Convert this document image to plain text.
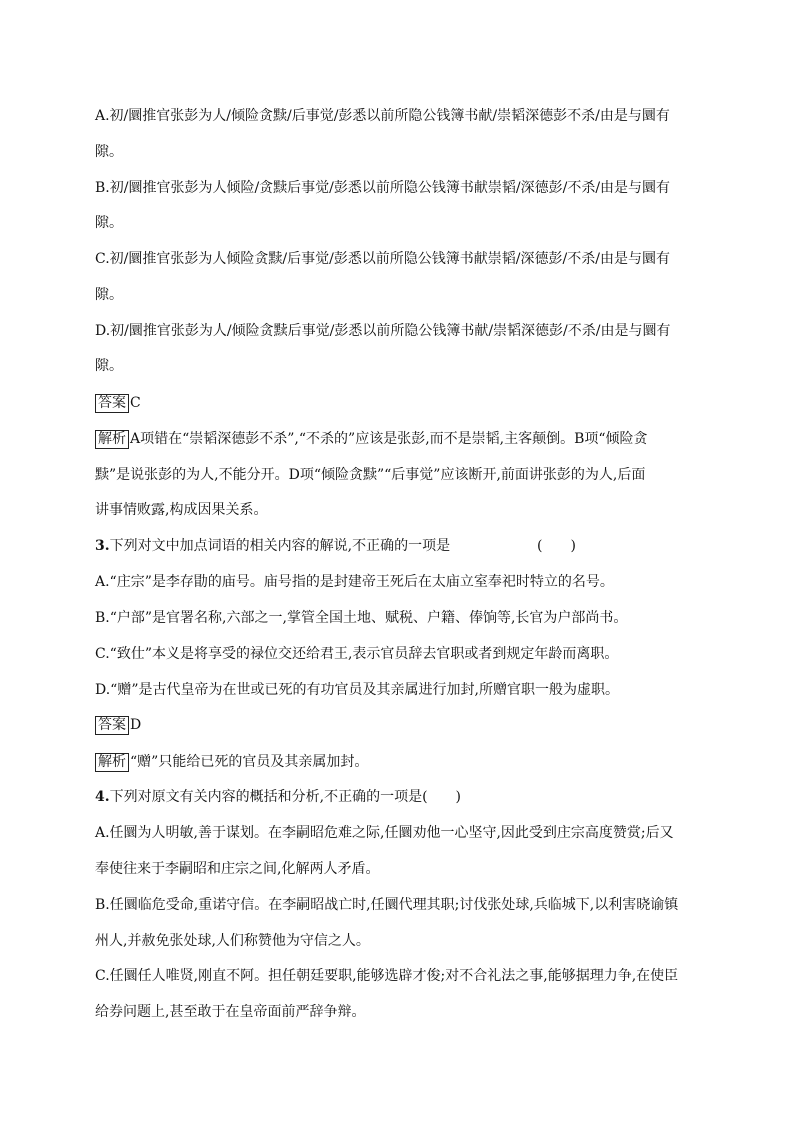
A.初/圜推官张彭为人/倾险贪黩/后事觉/彭悉以前所隐公钱簿书献/崇韬深德彭不杀/由是与圜有
隙。
B.初/圜推官张彭为人倾险/贪黩后事觉/彭悉以前所隐公钱簿书献崇韬/深德彭/不杀/由是与圜有
隙。
C.初/圜推官张彭为人倾险贪黩/后事觉/彭悉以前所隐公钱簿书献崇韬/深德彭/不杀/由是与圜有
隙。
D.初/圜推官张彭为人/倾险贪黩后事觉/彭悉以前所隐公钱簿书献/崇韬深德彭/不杀/由是与圜有
隙。
答案 C
解析 A项错在“崇韬深德彭不杀”,“不杀的”应该是张彭,而不是崇韬,主客颠倒。B项“倾险贪
黩”是说张彭的为人,不能分开。D项“倾险贪黩”“后事觉”应该断开,前面讲张彭的为人,后面
讲事情败露,构成因果关系。
3.下列对文中加点词语的相关内容的解说,不正确的一项是	(　　)
A.“庄宗”是李存勖的庙号。庙号指的是封建帝王死后在太庙立室奉祀时特立的名号。
B.“户部”是官署名称,六部之一,掌管全国土地、赋税、户籍、俸饷等,长官为户部尚书。
C.“致仕”本义是将享受的禄位交还给君王,表示官员辞去官职或者到规定年龄而离职。
D.“赠”是古代皇帝为在世或已死的有功官员及其亲属进行加封,所赠官职一般为虚职。
答案 D
解析 “赠”只能给已死的官员及其亲属加封。
4.下列对原文有关内容的概括和分析,不正确的一项是(　　)
A.任圜为人明敏,善于谋划。在李嗣昭危难之际,任圜劝他一心坚守,因此受到庄宗高度赞赏;后又
奉使往来于李嗣昭和庄宗之间,化解两人矛盾。
B.任圜临危受命,重诺守信。在李嗣昭战亡时,任圜代理其职;讨伐张处球,兵临城下,以利害晓谕镇
州人,并赦免张处球,人们称赞他为守信之人。
C.任圜任人唯贤,刚直不阿。担任朝廷要职,能够选辟才俊;对不合礼法之事,能够据理力争,在使臣
给券问题上,甚至敢于在皇帝面前严辞争辩。
